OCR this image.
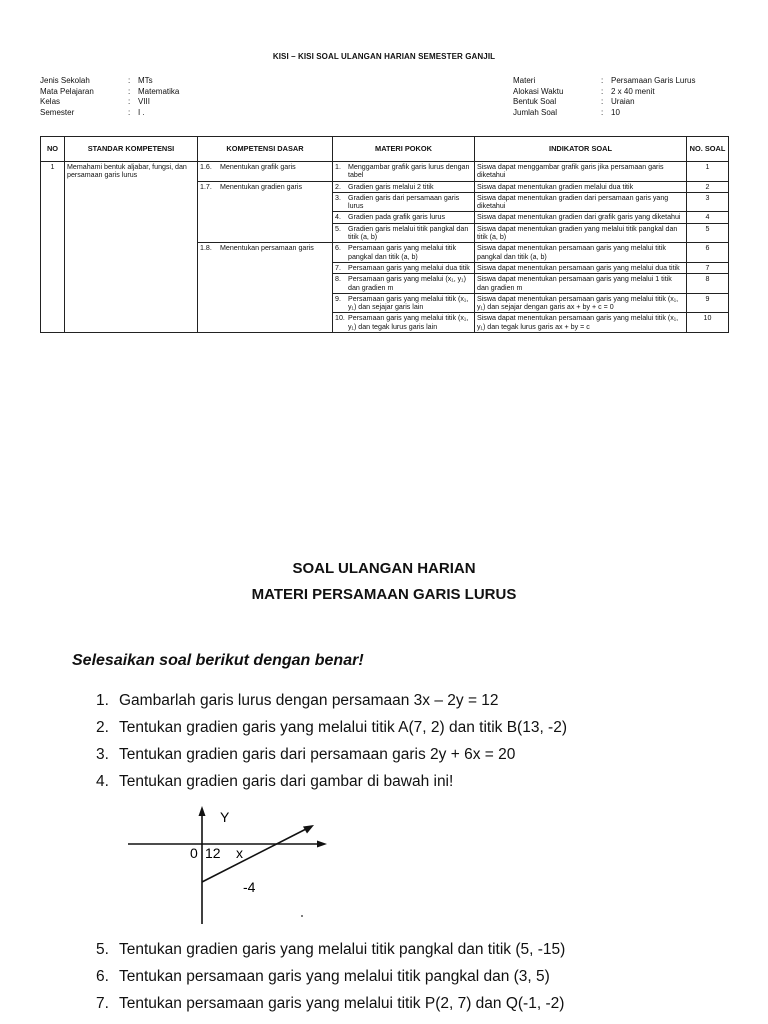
KISI – KISI SOAL ULANGAN HARIAN SEMESTER GANJIL
Jenis Sekolah	: MTs
Mata Pelajaran	: Matematika
Kelas	: VIII
Semester	: I .
Materi	: Persamaan Garis Lurus
Alokasi Waktu	: 2 x 40 menit
Bentuk Soal	: Uraian
Jumlah Soal	: 10
NO	STANDAR KOMPETENSI	KOMPETENSI DASAR	MATERI POKOK	INDIKATOR SOAL	NO. SOAL
1	Memahami bentuk aljabar, fungsi, dan persamaan garis lurus	1.6. Menentukan grafik garis	1. Menggambar grafik garis lurus dengan tabel	Siswa dapat menggambar grafik garis jika persamaan garis diketahui	1

		1.7. Menentukan gradien garis	2. Gradien garis melalui 2 titik	Siswa dapat menentukan gradien melalui dua titik	2

			3. Gradien garis dari persamaan garis lurus	Siswa dapat menentukan gradien dari persamaan garis yang diketahui	3

			4. Gradien pada grafik garis lurus	Siswa dapat menentukan gradien dari grafik garis yang diketahui	4

			5. Gradien garis melalui titik pangkal dan titik (a, b)	Siswa dapat menentukan gradien yang melalui titik pangkal dan titik (a, b)	5

		1.8. Menentukan persamaan garis	6. Persamaan garis yang melalui titik pangkal dan titik (a, b)	Siswa dapat menentukan persamaan garis yang melalui titik pangkal dan titik (a, b)	6

			7. Persamaan garis yang melalui dua titik	Siswa dapat menentukan persamaan garis yang melalui dua titik	7

			8. Persamaan garis yang melalui (x₁, y₁) dan gradien m	Siswa dapat menentukan persamaan garis yang melalui 1 titik dan gradien m	8

			9. Persamaan garis yang melalui titik (x₁, y₁) dan sejajar garis lain	Siswa dapat menentukan persamaan garis yang melalui titik (x₁, y₁) dan sejajar dengan garis ax + by + c = 0	9

			10. Persamaan garis yang melalui titik (x₁, y₁) dan tegak lurus garis lain	Siswa dapat menentukan persamaan garis yang melalui titik (x₁, y₁) dan tegak lurus garis ax + by = c	10
SOAL ULANGAN HARIAN
MATERI PERSAMAAN GARIS LURUS
Selesaikan soal berikut dengan benar!
1. Gambarlah garis lurus dengan persamaan 3x – 2y = 12
2. Tentukan gradien garis yang melalui titik A(7, 2) dan titik B(13, -2)
3. Tentukan gradien garis dari persamaan garis 2y + 6x = 20
4. Tentukan gradien garis dari gambar di bawah ini!
Y
0 12 x
-4
5. Tentukan gradien garis yang melalui titik pangkal dan titik (5, -15)
6. Tentukan persamaan garis yang melalui titik pangkal dan (3, 5)
7. Tentukan persamaan garis yang melalui titik P(2, 7) dan Q(-1, -2)
